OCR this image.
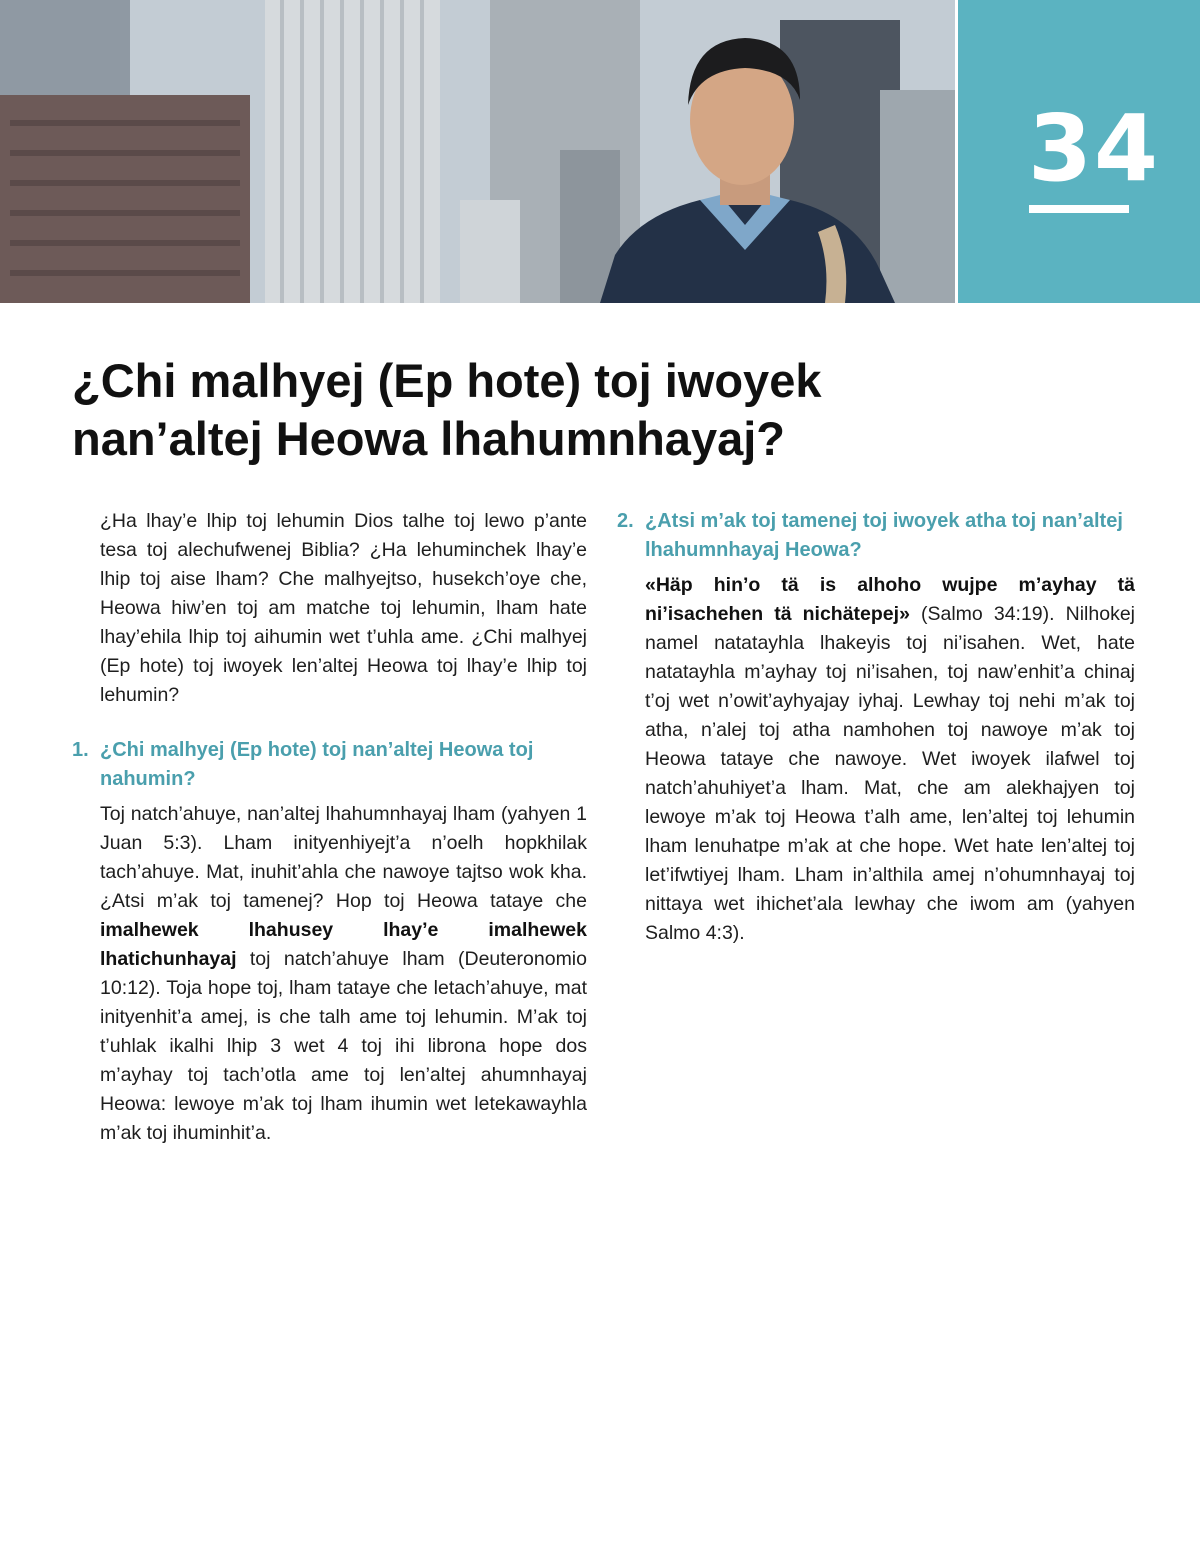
34
¿Chi malhyej (Ep hote) toj iwoyek
nan’altej Heowa lhahumnhayaj?

¿Ha lhay’e lhip toj lehumin Dios talhe toj lewo p’ante tesa toj alechufwenej Biblia? ¿Ha lehuminchek lhay’e lhip toj aise lham? Che malhyejtso, husekch’oye che, Heowa hiw’en toj am matche toj lehumin, lham hate lhay’ehila lhip toj aihumin wet t’uhla ame. ¿Chi malhyej (Ep hote) toj iwoyek len’altej Heowa toj lhay’e lhip toj lehumin?

1. ¿Chi malhyej (Ep hote) toj nan’altej Heowa toj nahumin?

Toj natch’ahuye, nan’altej lhahumnhayaj lham (yahyen 1 Juan 5:3). Lham inityenhiyejt’a n’oelh hopkhilak tach’ahuye. Mat, inuhit’ahla che nawoye tajtso wok kha. ¿Atsi m’ak toj tamenej? Hop toj Heowa tataye che imalhewek lhahusey lhay’e imalhewek lhatichunhayaj toj natch’ahuye lham (Deuteronomio 10:12). Toja hope toj, lham tataye che letach’ahuye, mat inityenhit’a amej, is che talh ame toj lehumin. M’ak toj t’uhlak ikalhi lhip 3 wet 4 toj ihi librona hope dos m’ayhay toj tach’otla ame toj len’altej ahumnhayaj Heowa: lewoye m’ak toj lham ihumin wet letekawayhla m’ak toj ihuminhit’a.

2. ¿Atsi m’ak toj tamenej toj iwoyek atha toj nan’altej lhahumnhayaj Heowa?

«Häp hin’o tä is alhoho wujpe m’ayhay tä ni’isachehen tä nichätepej» (Salmo 34:19). Nilhokej namel natatayhla lhakeyis toj ni’isahen. Wet, hate natatayhla m’ayhay toj ni’isahen, toj naw’enhit’a chinaj t’oj wet n’owit’ayhyajay iyhaj. Lewhay toj nehi m’ak toj atha, n’alej toj atha namhohen toj nawoye m’ak toj Heowa tataye che nawoye. Wet iwoyek ilafwel toj natch’ahuhiyet’a lham. Mat, che am alekhajyen toj lewoye m’ak toj Heowa t’alh ame, len’altej toj lehumin lham lenuhatpe m’ak at che hope. Wet hate len’altej toj let’ifwtiyej lham. Lham in’althila amej n’ohumnhayaj toj nittaya wet ihichet’ala lewhay che iwom am (yahyen Salmo 4:3).
